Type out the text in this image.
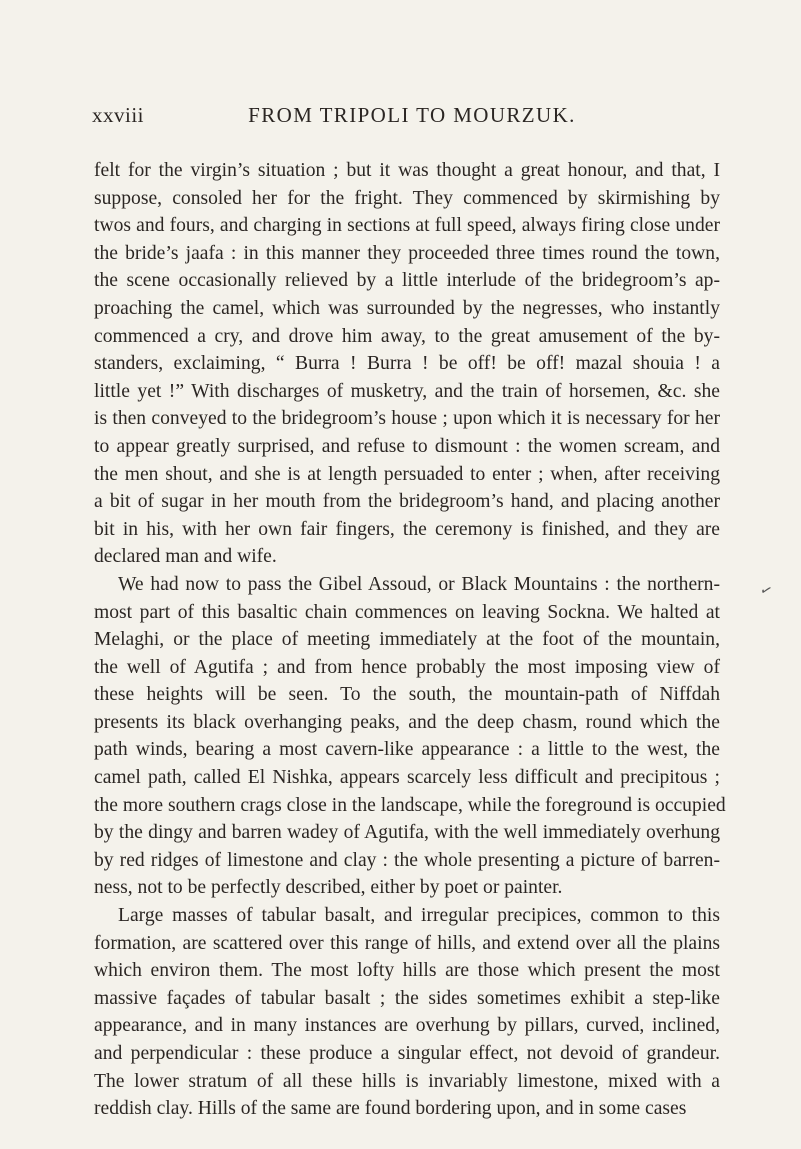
xxviii	FROM TRIPOLI TO MOURZUK.
felt for the virgin’s situation ; but it was thought a great honour, and that, I
suppose, consoled her for the fright. They commenced by skirmishing by
twos and fours, and charging in sections at full speed, always firing close under
the bride’s jaafa : in this manner they proceeded three times round the town,
the scene occasionally relieved by a little interlude of the bridegroom’s ap-
proaching the camel, which was surrounded by the negresses, who instantly
commenced a cry, and drove him away, to the great amusement of the by-
standers, exclaiming, “ Burra ! Burra ! be off! be off! mazal shouia ! a
little yet !” With discharges of musketry, and the train of horsemen, &c. she
is then conveyed to the bridegroom’s house ; upon which it is necessary for her
to appear greatly surprised, and refuse to dismount : the women scream, and
the men shout, and she is at length persuaded to enter ; when, after receiving
a bit of sugar in her mouth from the bridegroom’s hand, and placing another
bit in his, with her own fair fingers, the ceremony is finished, and they are
declared man and wife.
We had now to pass the Gibel Assoud, or Black Mountains : the northern-
most part of this basaltic chain commences on leaving Sockna. We halted at
Melaghi, or the place of meeting immediately at the foot of the mountain,
the well of Agutifa ; and from hence probably the most imposing view of
these heights will be seen. To the south, the mountain-path of Niffdah
presents its black overhanging peaks, and the deep chasm, round which the
path winds, bearing a most cavern-like appearance : a little to the west, the
camel path, called El Nishka, appears scarcely less difficult and precipitous ;
the more southern crags close in the landscape, while the foreground is occupied
by the dingy and barren wadey of Agutifa, with the well immediately overhung
by red ridges of limestone and clay : the whole presenting a picture of barren-
ness, not to be perfectly described, either by poet or painter.
Large masses of tabular basalt, and irregular precipices, common to this
formation, are scattered over this range of hills, and extend over all the plains
which environ them. The most lofty hills are those which present the most
massive façades of tabular basalt ; the sides sometimes exhibit a step-like
appearance, and in many instances are overhung by pillars, curved, inclined,
and perpendicular : these produce a singular effect, not devoid of grandeur.
The lower stratum of all these hills is invariably limestone, mixed with a
reddish clay. Hills of the same are found bordering upon, and in some cases
✓
